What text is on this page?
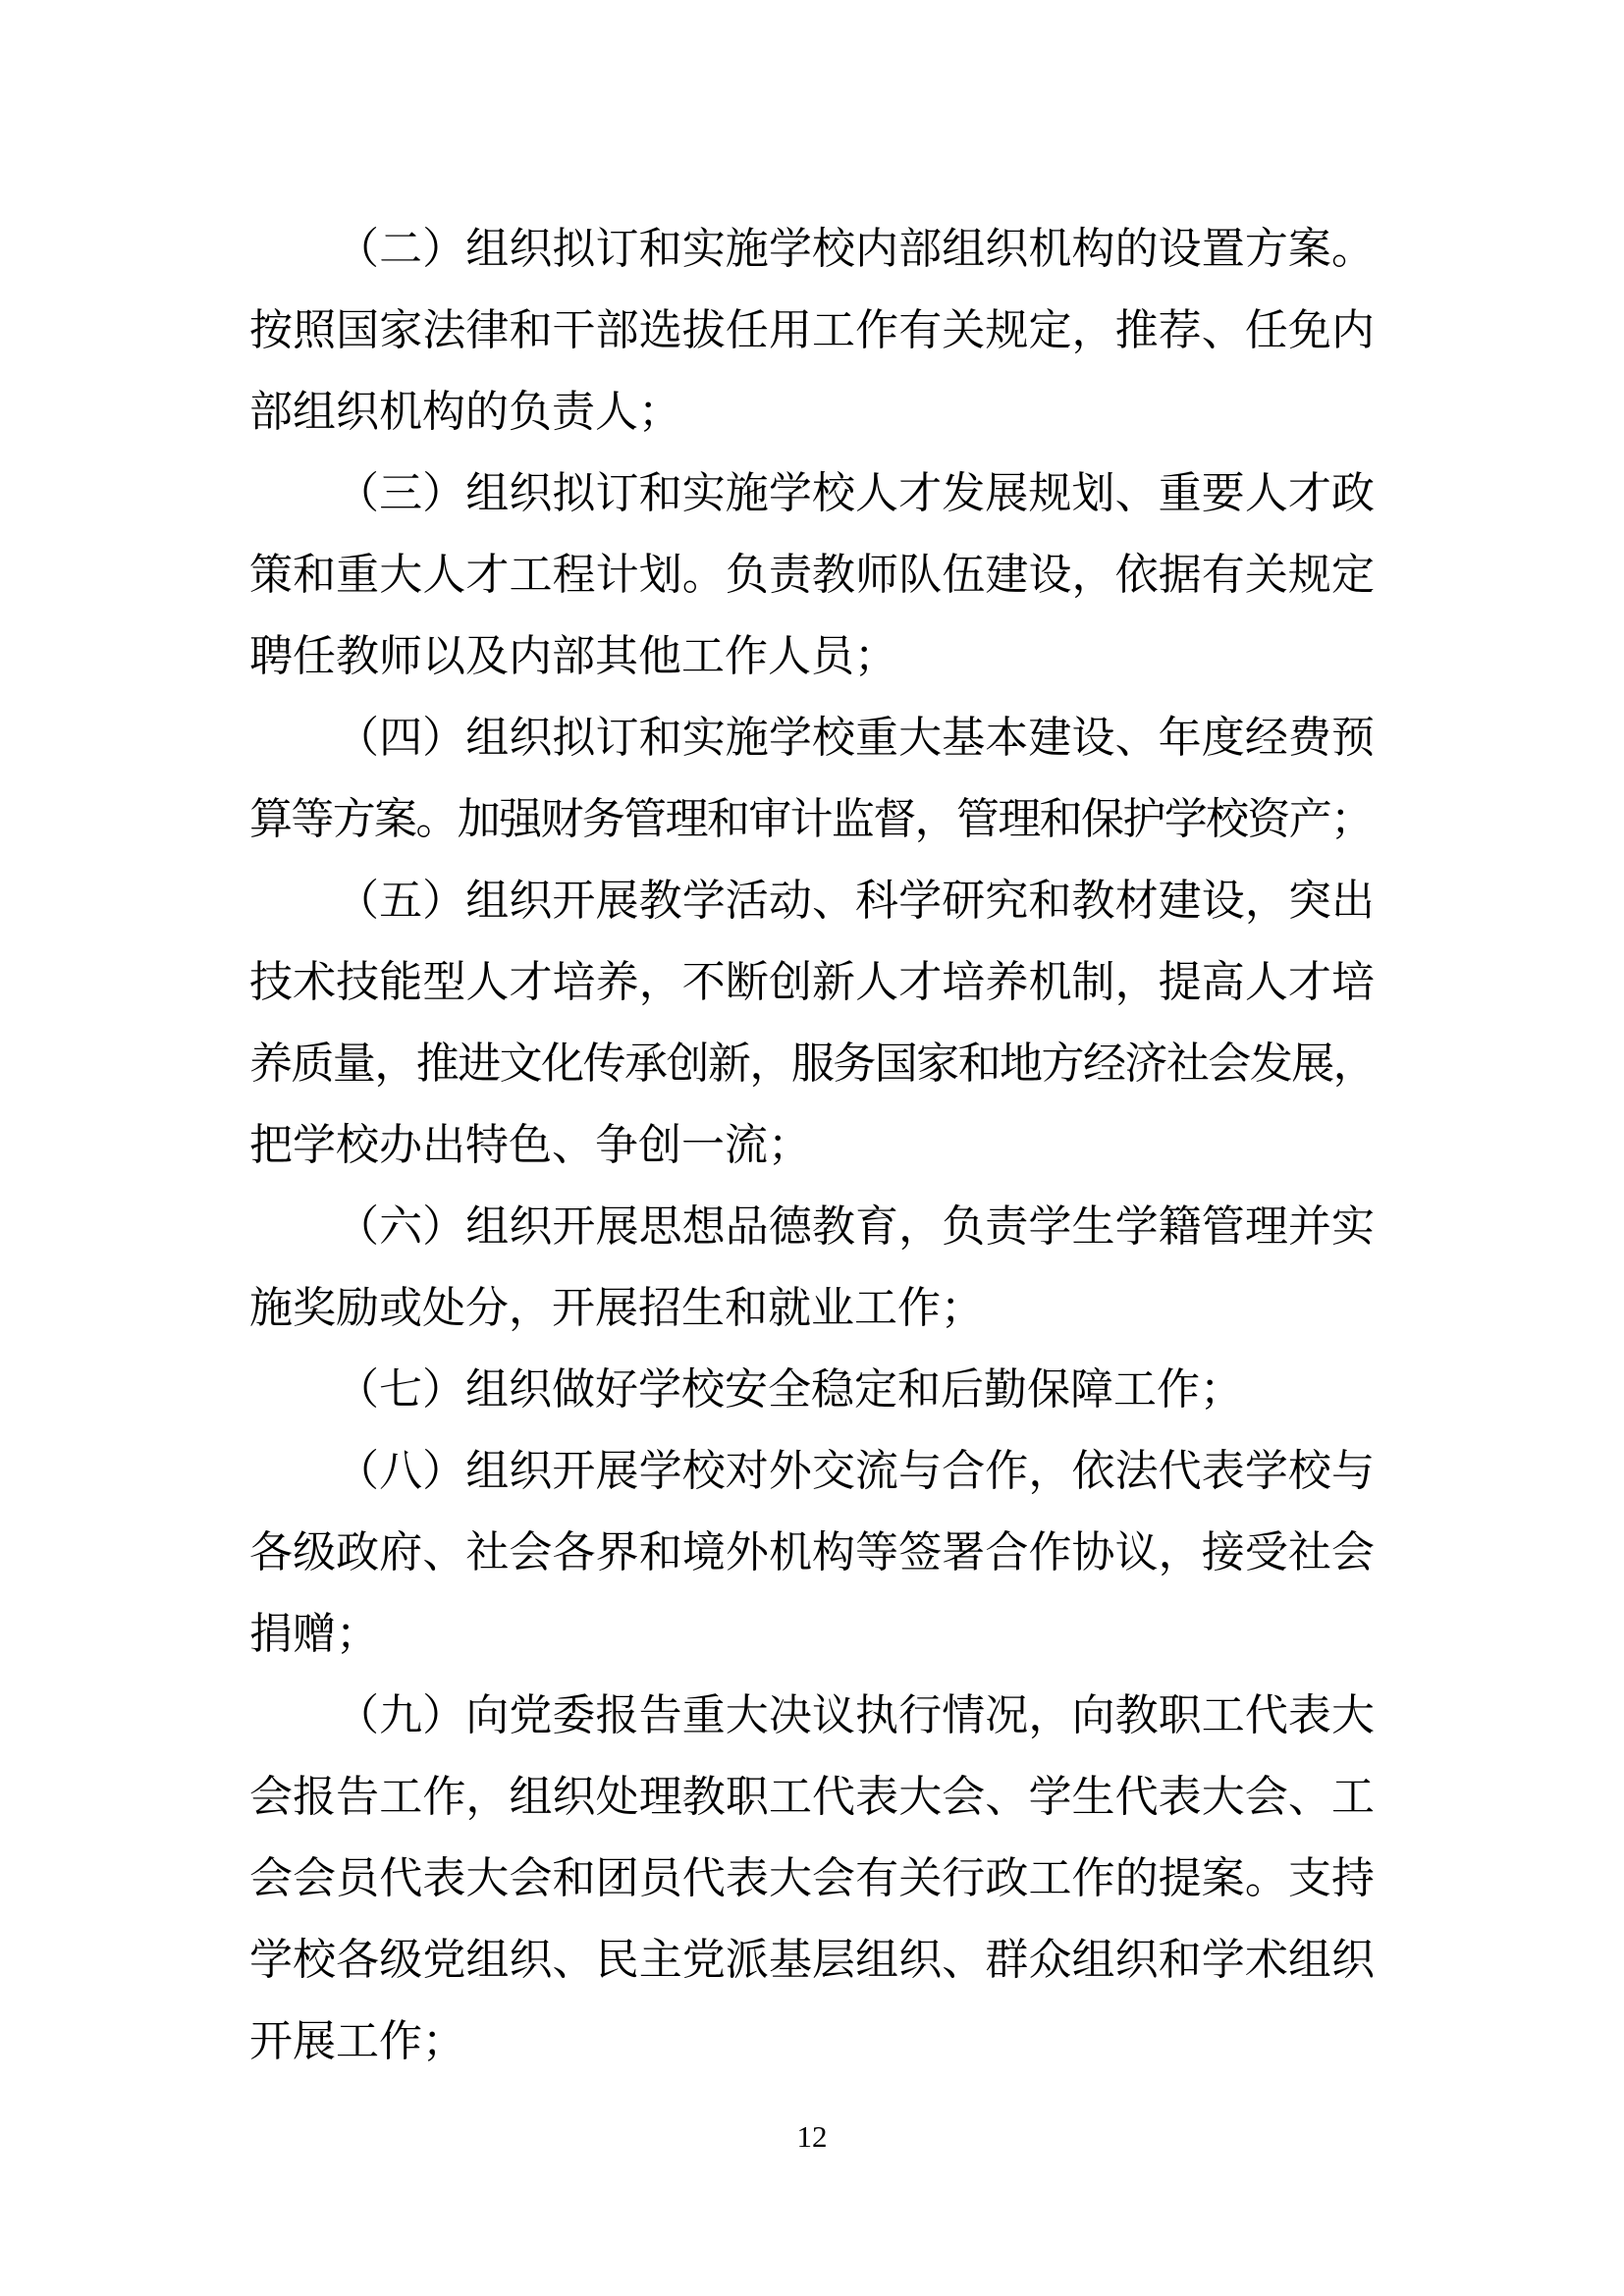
（二）组织拟订和实施学校内部组织机构的设置方案。
按照国家法律和干部选拔任用工作有关规定，推荐、任免内
部组织机构的负责人；
（三）组织拟订和实施学校人才发展规划、重要人才政
策和重大人才工程计划。负责教师队伍建设，依据有关规定
聘任教师以及内部其他工作人员；
（四）组织拟订和实施学校重大基本建设、年度经费预
算等方案。加强财务管理和审计监督，管理和保护学校资产；
（五）组织开展教学活动、科学研究和教材建设，突出
技术技能型人才培养，不断创新人才培养机制，提高人才培
养质量，推进文化传承创新，服务国家和地方经济社会发展，
把学校办出特色、争创一流；
（六）组织开展思想品德教育，负责学生学籍管理并实
施奖励或处分，开展招生和就业工作；
（七）组织做好学校安全稳定和后勤保障工作；
（八）组织开展学校对外交流与合作，依法代表学校与
各级政府、社会各界和境外机构等签署合作协议，接受社会
捐赠；
（九）向党委报告重大决议执行情况，向教职工代表大
会报告工作，组织处理教职工代表大会、学生代表大会、工
会会员代表大会和团员代表大会有关行政工作的提案。支持
学校各级党组织、民主党派基层组织、群众组织和学术组织
开展工作；
12
